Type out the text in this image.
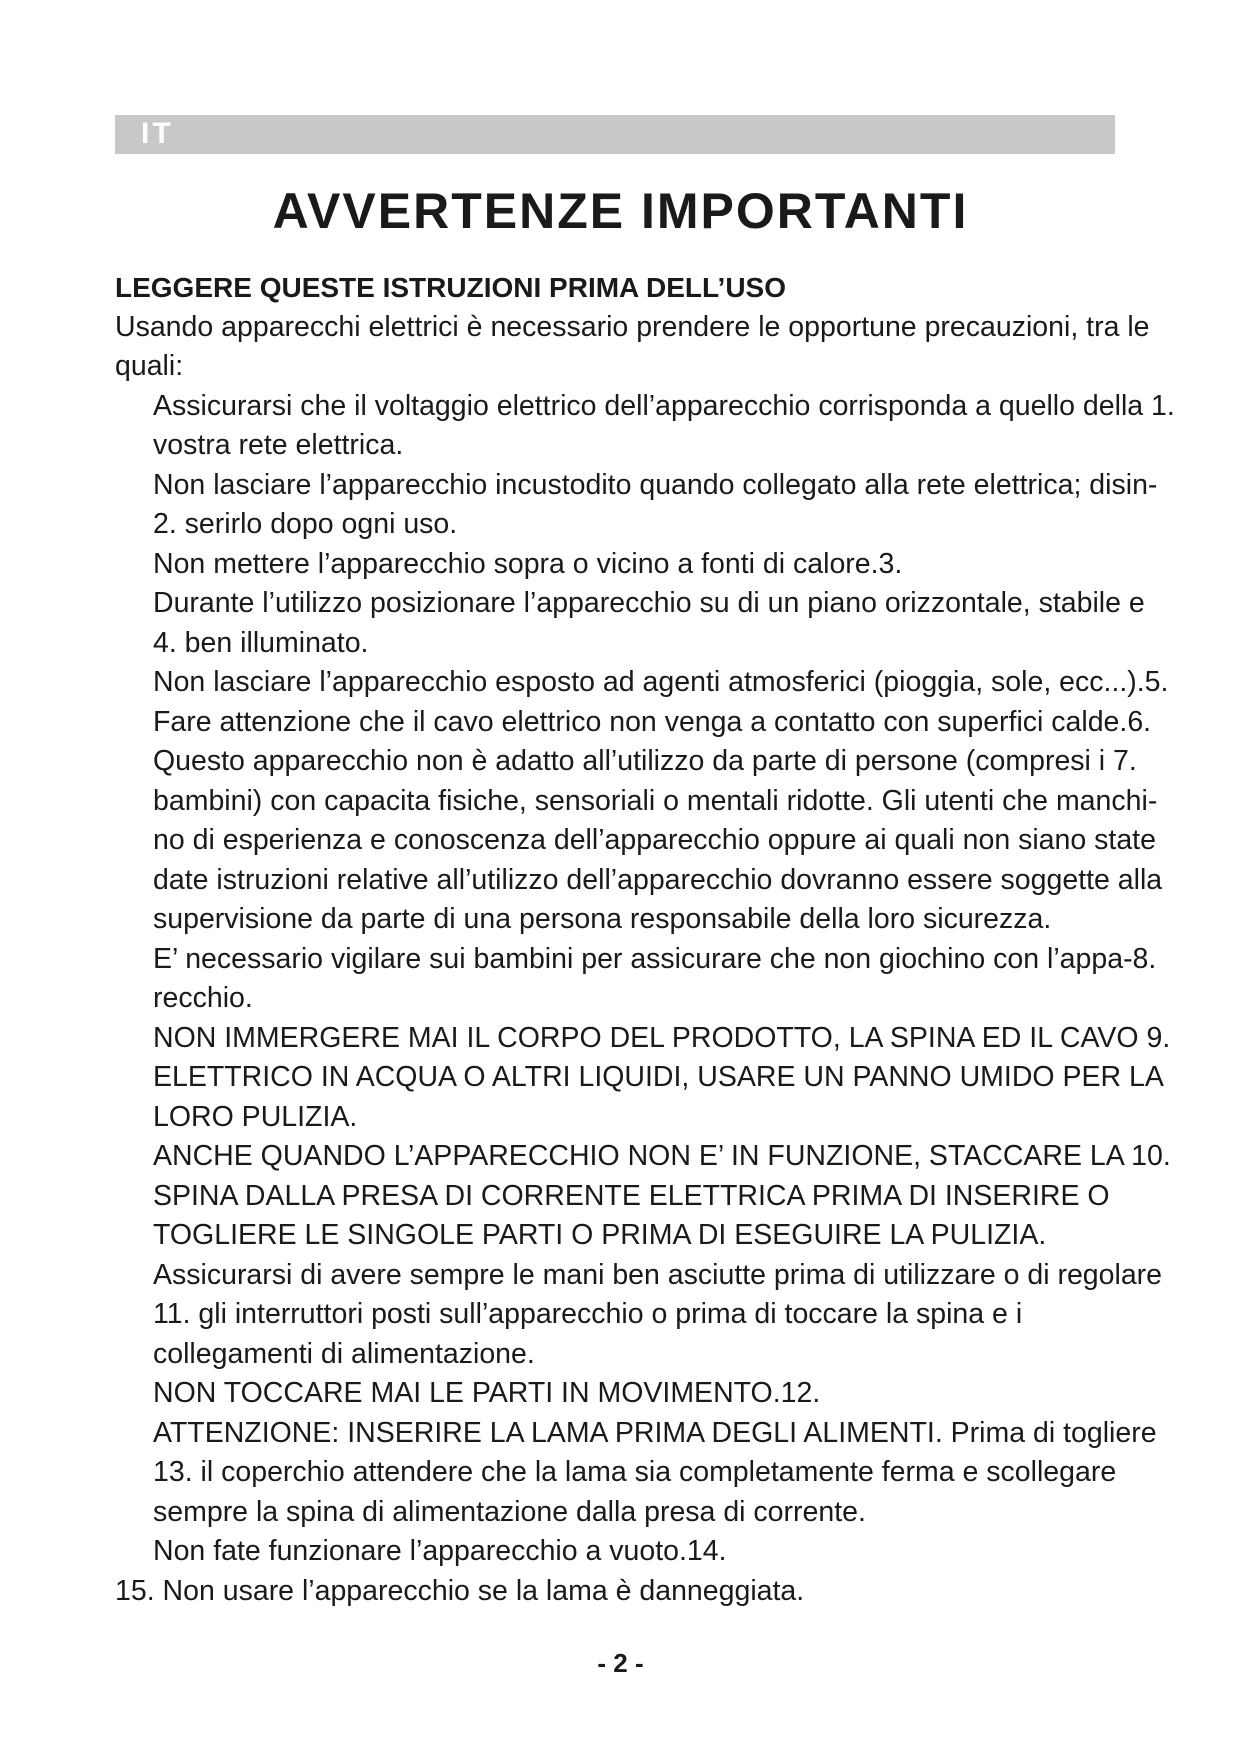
IT
AVVERTENZE IMPORTANTI
LEGGERE QUESTE ISTRUZIONI PRIMA DELL’USO

Usando apparecchi elettrici è necessario prendere le opportune precauzioni, tra le quali:

Assicurarsi che il voltaggio elettrico dell’apparecchio corrisponda a quello della 1. vostra rete elettrica.
Non lasciare l’apparecchio incustodito quando collegato alla rete elettrica; disin-2. serirlo dopo ogni uso.
Non mettere l’apparecchio sopra o vicino a fonti di calore.3.
Durante l’utilizzo posizionare l’apparecchio su di un piano orizzontale, stabile e 4. ben illuminato.
Non lasciare l’apparecchio esposto ad agenti atmosferici (pioggia, sole, ecc...).5.
Fare attenzione che il cavo elettrico non venga a contatto con superfici calde.6.
Questo apparecchio non è adatto all’utilizzo da parte di persone (compresi i 7. bambini) con capacita fisiche, sensoriali o mentali ridotte. Gli utenti che manchi-no di esperienza e conoscenza dell’apparecchio oppure ai quali non siano state date istruzioni relative all’utilizzo dell’apparecchio dovranno essere soggette alla supervisione da parte di una persona responsabile della loro sicurezza.
E’ necessario vigilare sui bambini per assicurare che non giochino con l’appa-8. recchio.
NON IMMERGERE MAI IL CORPO DEL PRODOTTO, LA SPINA ED IL CAVO 9. ELETTRICO IN ACQUA O ALTRI LIQUIDI, USARE UN PANNO UMIDO PER LA LORO PULIZIA.
ANCHE QUANDO L’APPARECCHIO NON E’ IN FUNZIONE, STACCARE LA 10. SPINA DALLA PRESA DI CORRENTE ELETTRICA PRIMA DI INSERIRE O TOGLIERE LE SINGOLE PARTI O PRIMA DI ESEGUIRE LA PULIZIA.
Assicurarsi di avere sempre le mani ben asciutte prima di utilizzare o di regolare 11. gli interruttori posti sull’apparecchio o prima di toccare la spina e i collegamenti di alimentazione.
NON TOCCARE MAI LE PARTI IN MOVIMENTO.12.
ATTENZIONE: INSERIRE LA LAMA PRIMA DEGLI ALIMENTI. Prima di togliere 13. il coperchio attendere che la lama sia completamente ferma e scollegare sempre la spina di alimentazione dalla presa di corrente.
Non fate funzionare l’apparecchio a vuoto.14.
15. Non usare l’apparecchio se la lama è danneggiata.
- 2 -
